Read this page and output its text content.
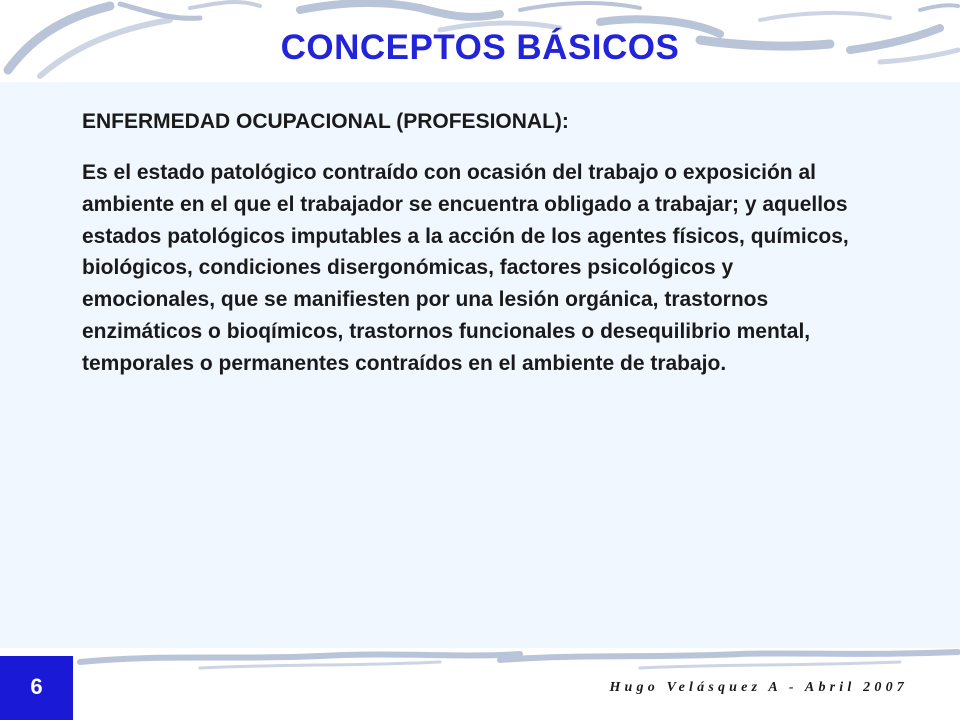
CONCEPTOS BÁSICOS

ENFERMEDAD OCUPACIONAL (PROFESIONAL):

Es el estado patológico contraído con ocasión del trabajo o exposición al ambiente en el que el trabajador se encuentra obligado a trabajar; y aquellos estados patológicos imputables a la acción de los agentes físicos, químicos, biológicos, condiciones disergonómicas, factores psicológicos y emocionales, que se manifiesten por una lesión orgánica, trastornos enzimáticos o bioqímicos, trastornos funcionales o desequilibrio mental, temporales o permanentes contraídos en el ambiente de trabajo.

6	Hugo Velásquez A - Abril 2007
